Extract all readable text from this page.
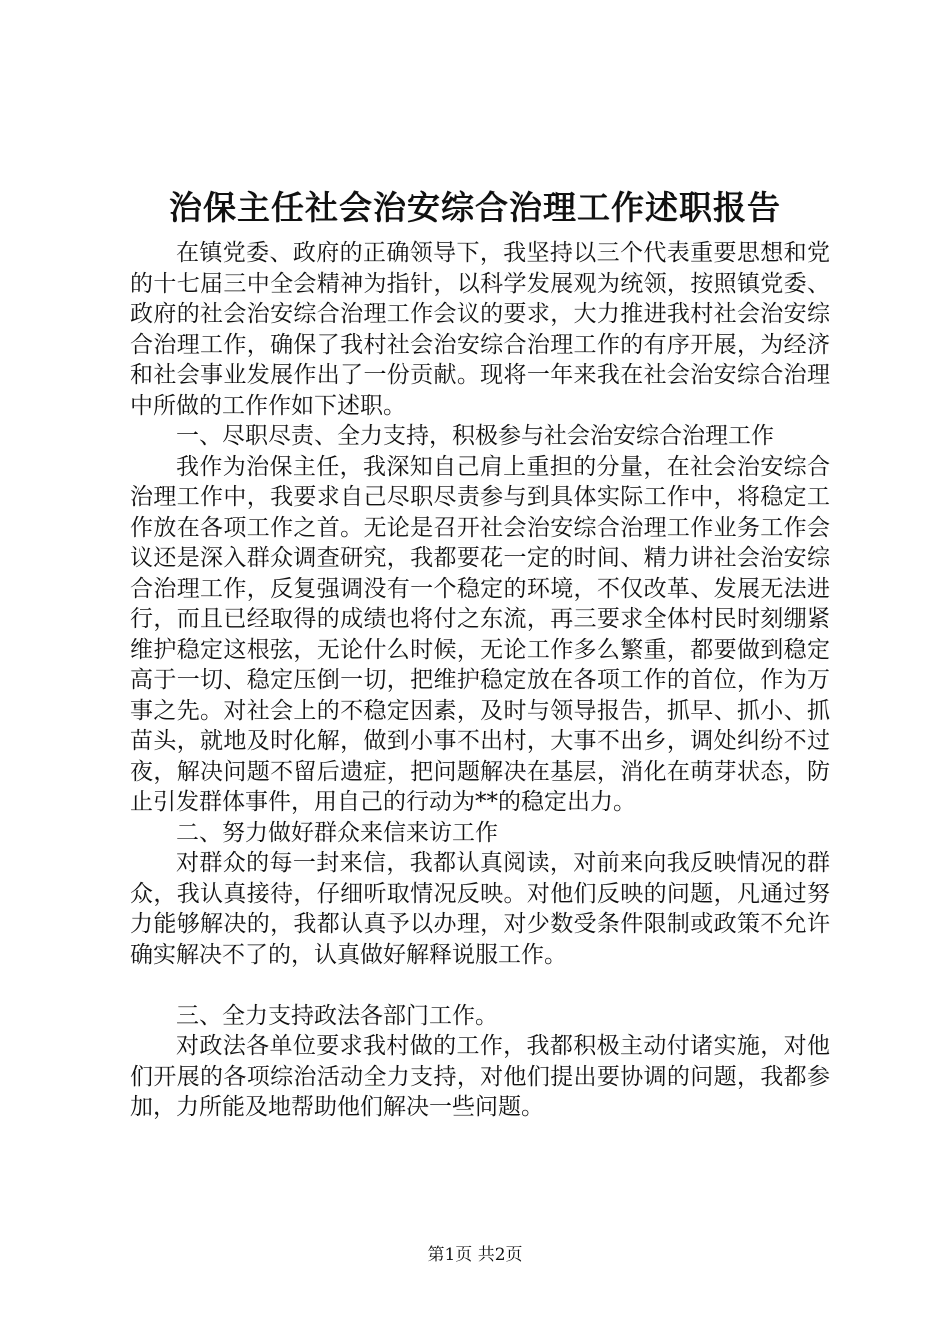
治保主任社会治安综合治理工作述职报告

在镇党委、政府的正确领导下，我坚持以三个代表重要思想和党的十七届三中全会精神为指针，以科学发展观为统领，按照镇党委、政府的社会治安综合治理工作会议的要求，大力推进我村社会治安综合治理工作，确保了我村社会治安综合治理工作的有序开展，为经济和社会事业发展作出了一份贡献。现将一年来我在社会治安综合治理中所做的工作作如下述职。

一、尽职尽责、全力支持，积极参与社会治安综合治理工作

我作为治保主任，我深知自己肩上重担的分量，在社会治安综合治理工作中，我要求自己尽职尽责参与到具体实际工作中，将稳定工作放在各项工作之首。无论是召开社会治安综合治理工作业务工作会议还是深入群众调查研究，我都要花一定的时间、精力讲社会治安综合治理工作，反复强调没有一个稳定的环境，不仅改革、发展无法进行，而且已经取得的成绩也将付之东流，再三要求全体村民时刻绷紧维护稳定这根弦，无论什么时候，无论工作多么繁重，都要做到稳定高于一切、稳定压倒一切，把维护稳定放在各项工作的首位，作为万事之先。对社会上的不稳定因素，及时与领导报告，抓早、抓小、抓苗头，就地及时化解，做到小事不出村，大事不出乡，调处纠纷不过夜，解决问题不留后遗症，把问题解决在基层，消化在萌芽状态，防止引发群体事件，用自己的行动为**的稳定出力。

二、努力做好群众来信来访工作

对群众的每一封来信，我都认真阅读，对前来向我反映情况的群众，我认真接待，仔细听取情况反映。对他们反映的问题，凡通过努力能够解决的，我都认真予以办理，对少数受条件限制或政策不允许确实解决不了的，认真做好解释说服工作。

三、全力支持政法各部门工作。

对政法各单位要求我村做的工作，我都积极主动付诸实施，对他们开展的各项综治活动全力支持，对他们提出要协调的问题，我都参加，力所能及地帮助他们解决一些问题。

第1页 共2页
